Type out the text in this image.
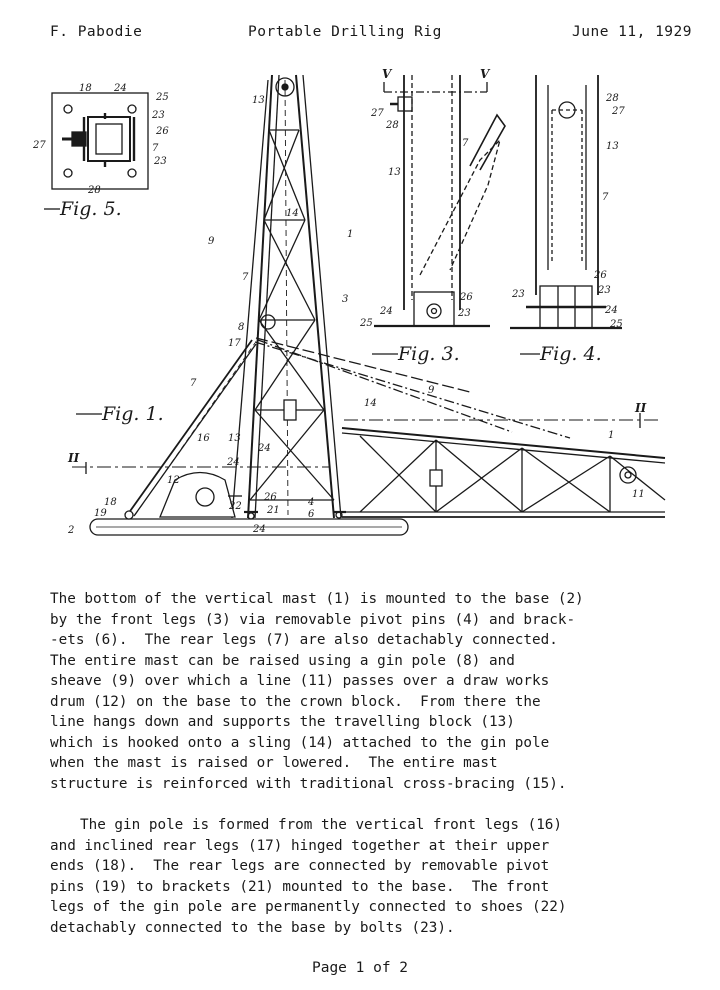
F. Pabodie	Portable Drilling Rig	June 11, 1929
18 24
25
23
26
27	7
23
28
13
14
1
9
7
3
8
17
7
14
9
16 13
24
24
12
18
19
26
22	21
24
4
6
2
1
11
27
28
7
13
26
24	23
25
28
27
13
7
26
23	23
24
25
II
II
V	V
Fig. 5.
Fig. 1.
Fig. 3.	Fig. 4.

The bottom of the vertical mast (1) is mounted to the base (2)
by the front legs (3) via removable pivot pins (4) and brack-
-ets (6).  The rear legs (7) are also detachably connected.
The entire mast can be raised using a gin pole (8) and
sheave (9) over which a line (11) passes over a draw works
drum (12) on the base to the crown block.  From there the
line hangs down and supports the travelling block (13)
which is hooked onto a sling (14) attached to the gin pole
when the mast is raised or lowered.  The entire mast
structure is reinforced with traditional cross-bracing (15).

The gin pole is formed from the vertical front legs (16)
and inclined rear legs (17) hinged together at their upper
ends (18).  The rear legs are connected by removable pivot
pins (19) to brackets (21) mounted to the base.  The front
legs of the gin pole are permanently connected to shoes (22)
detachably connected to the base by bolts (23).

Page 1 of 2
